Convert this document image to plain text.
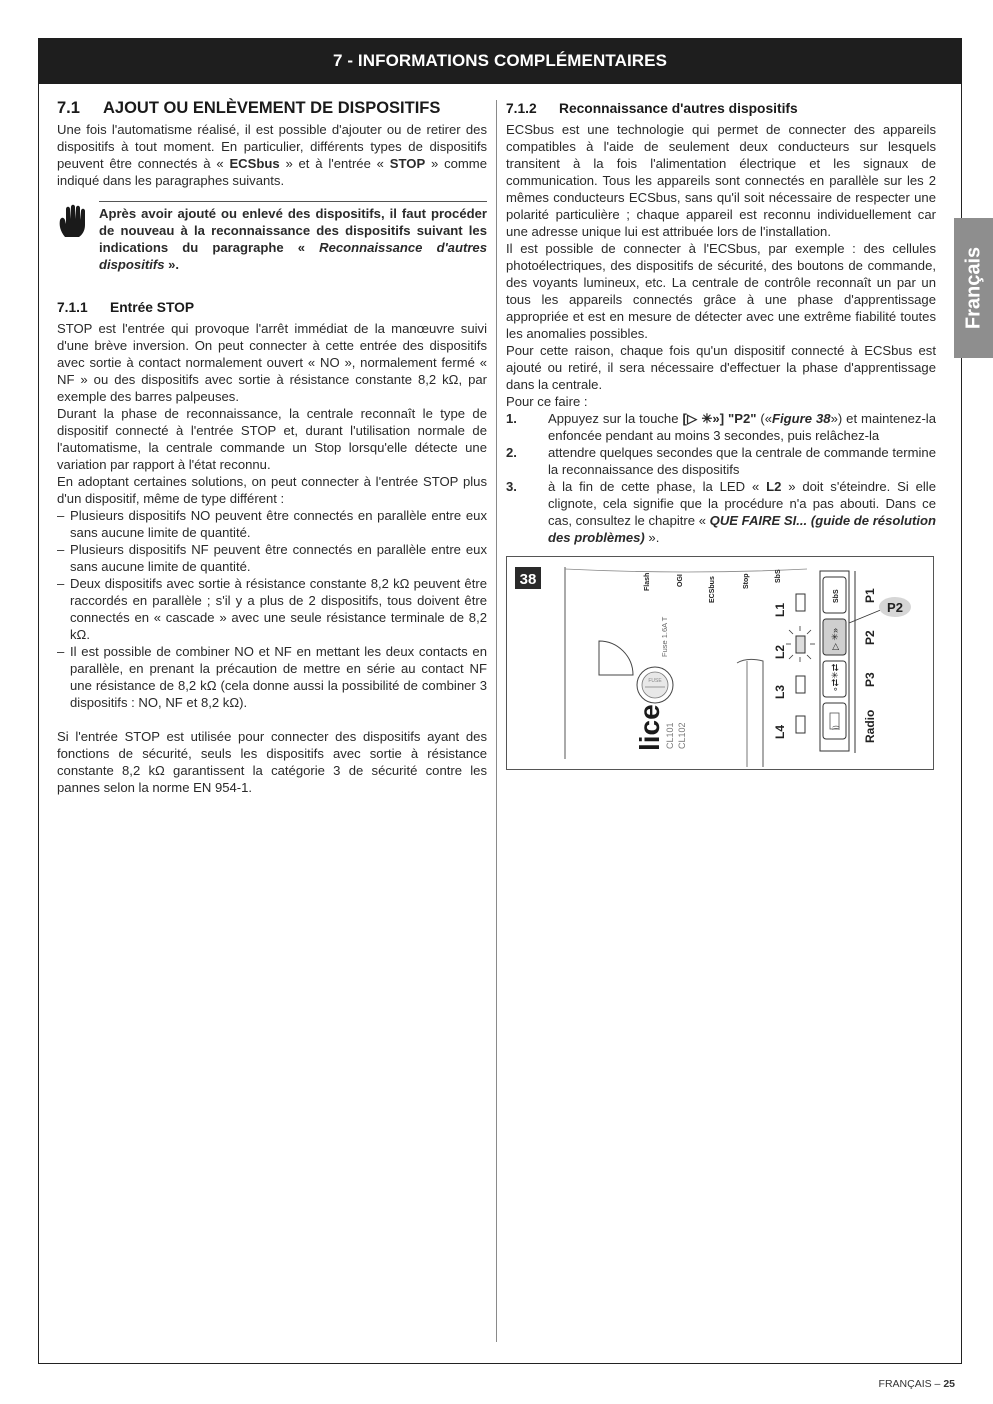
7 - INFORMATIONS COMPLÉMENTAIRES
7.1 AJOUT OU ENLÈVEMENT DE DISPOSITIFS

Une fois l'automatisme réalisé, il est possible d'ajouter ou de retirer des dispositifs à tout moment. En particulier, différents types de dispositifs peuvent être connectés à « ECSbus » et à l'entrée « STOP » comme indiqué dans les paragraphes suivants.

Après avoir ajouté ou enlevé des dispositifs, il faut procéder de nouveau à la reconnaissance des dispositifs suivant les indications du paragraphe « Reconnaissance d'autres dispositifs ».
7.1.1 Entrée STOP

STOP est l'entrée qui provoque l'arrêt immédiat de la manœuvre suivi d'une brève inversion. On peut connecter à cette entrée des dispositifs avec sortie à contact normalement ouvert « NO », normalement fermé « NF » ou des dispositifs avec sortie à résistance constante 8,2 kΩ, par exemple des barres palpeuses.

Durant la phase de reconnaissance, la centrale reconnaît le type de dispositif connecté à l'entrée STOP et, durant l'utilisation normale de l'automatisme, la centrale commande un Stop lorsqu'elle détecte une variation par rapport à l'état reconnu.

En adoptant certaines solutions, on peut connecter à l'entrée STOP plus d'un dispositif, même de type différent :

– Plusieurs dispositifs NO peuvent être connectés en parallèle entre eux sans aucune limite de quantité.
– Plusieurs dispositifs NF peuvent être connectés en parallèle entre eux sans aucune limite de quantité.
– Deux dispositifs avec sortie à résistance constante 8,2 kΩ peuvent être raccordés en parallèle ; s'il y a plus de 2 dispositifs, tous doivent être connectés en « cascade » avec une seule résistance terminale de 8,2 kΩ.
– Il est possible de combiner NO et NF en mettant les deux contacts en parallèle, en prenant la précaution de mettre en série au contact NF une résistance de 8,2 kΩ (cela donne aussi la possibilité de combiner 3 dispositifs : NO, NF et 8,2 kΩ).

Si l'entrée STOP est utilisée pour connecter des dispositifs ayant des fonctions de sécurité, seuls les dispositifs avec sortie à résistance constante 8,2 kΩ garantissent la catégorie 3 de sécurité contre les pannes selon la norme EN 954-1.

7.1.2 Reconnaissance d'autres dispositifs

ECSbus est une technologie qui permet de connecter des appareils compatibles à l'aide de seulement deux conducteurs sur lesquels transitent à la fois l'alimentation électrique et les signaux de communication. Tous les appareils sont connectés en parallèle sur les 2 mêmes conducteurs ECSbus, sans qu'il soit nécessaire de respecter une polarité particulière ; chaque appareil est reconnu individuellement car une adresse unique lui est attribuée lors de l'installation.

Il est possible de connecter à l'ECSbus, par exemple : des cellules photoélectriques, des dispositifs de sécurité, des boutons de commande, des voyants lumineux, etc. La centrale de contrôle reconnaît un par un tous les appareils connectés grâce à une phase d'apprentissage appropriée et est en mesure de détecter avec une extrême fiabilité toutes les anomalies possibles.

Pour cette raison, chaque fois qu'un dispositif connecté à ECSbus est ajouté ou retiré, il sera nécessaire d'effectuer la phase d'apprentissage dans la centrale.

Pour ce faire :

1.	Appuyez sur la touche [▷ ✳»] "P2" («Figure 38») et maintenez-la enfoncée pendant au moins 3 secondes, puis relâchez-la
2.	attendre quelques secondes que la centrale de commande termine la reconnaissance des dispositifs
3.	à la fin de cette phase, la LED « L2 » doit s'éteindre. Si elle clignote, cela signifie que la procédure n'a pas abouti. Dans ce cas, consultez le chapitre « QUE FAIRE SI... (guide de résolution des problèmes) ».
38	Flash	OGI	ECSbus	Stop	SbS
Fuse 1.6A T
FUSE
lice CL101 CL102
L1
L2
L3
L4
SbS
▷ ✳»
∘⇄✳⇄
))
P1
P2
P3
Radio
P2
Français
FRANÇAIS – 25
